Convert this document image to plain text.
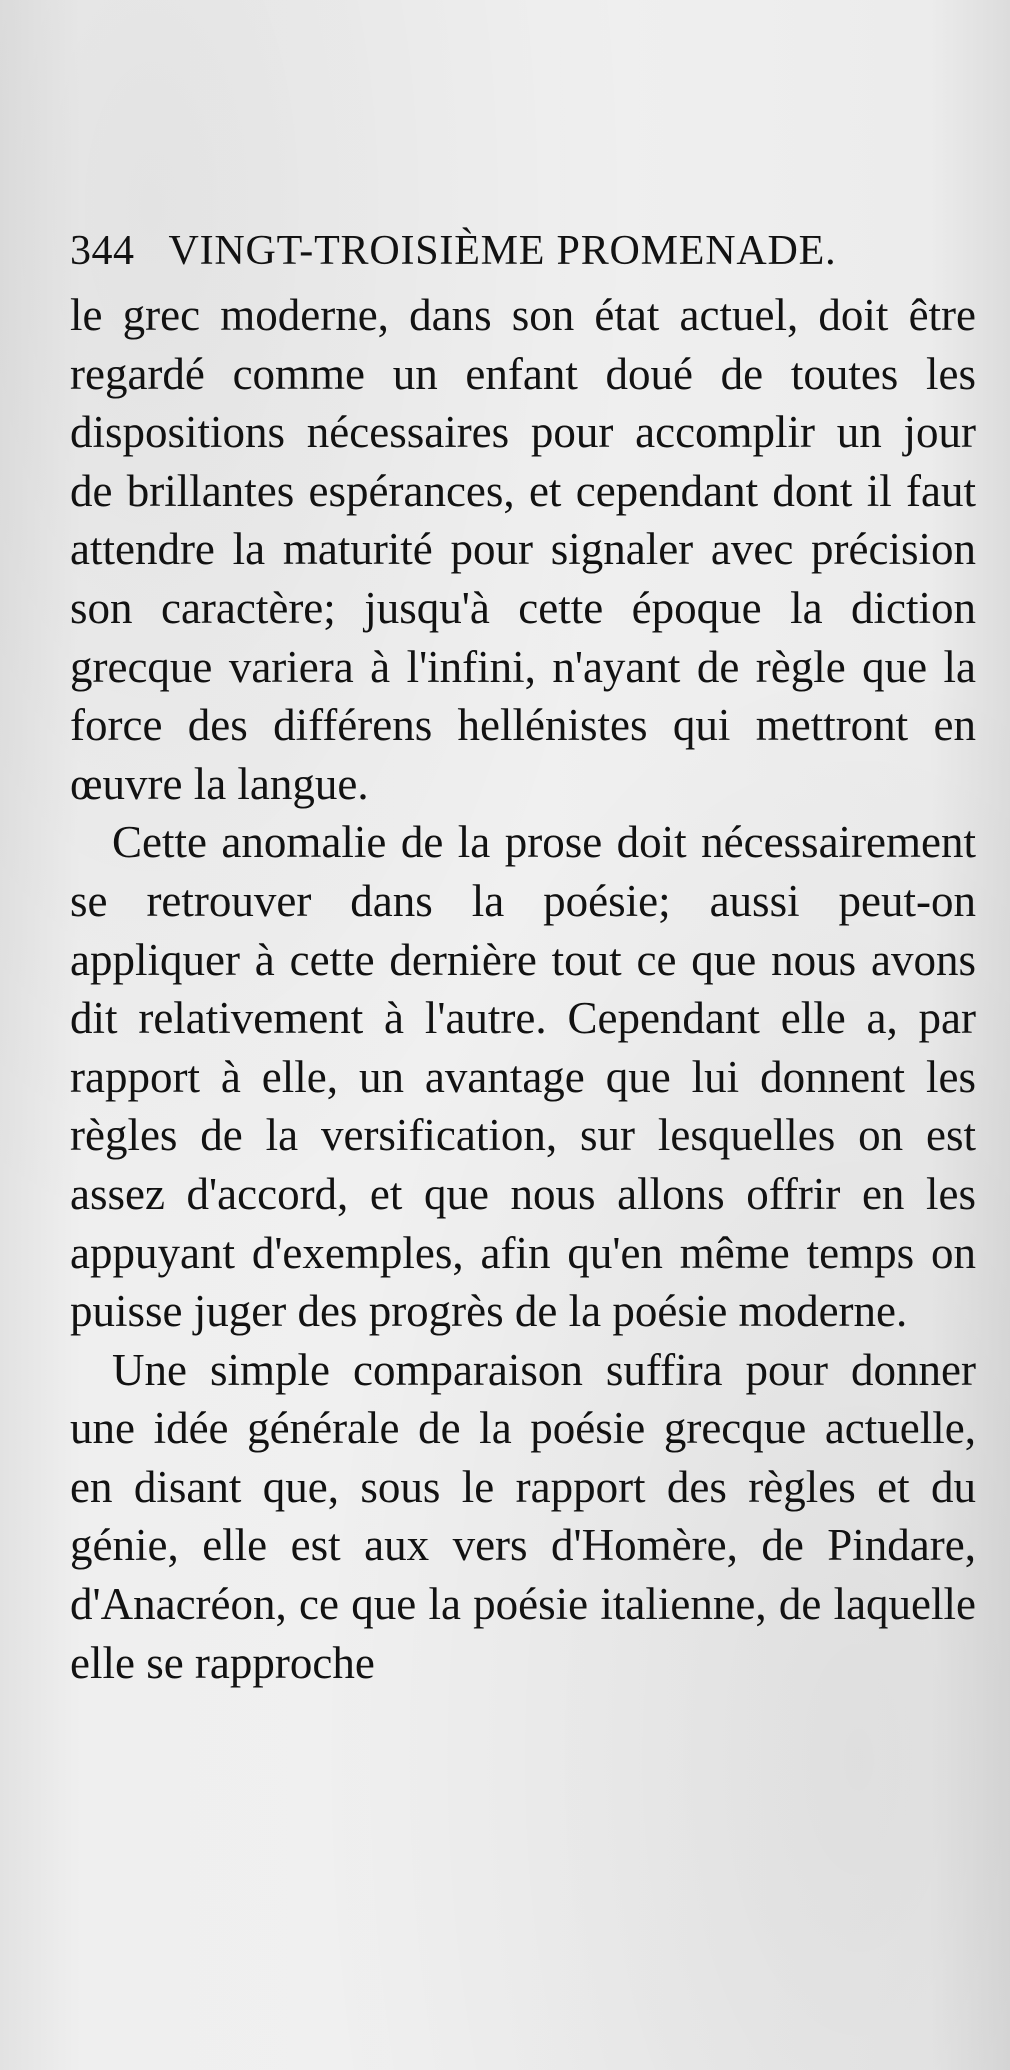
344 VINGT-TROISIÈME PROMENADE.

le grec moderne, dans son état actuel, doit être regardé comme un enfant doué de toutes les dispositions nécessaires pour accomplir un jour de brillantes espérances, et cependant dont il faut attendre la maturité pour signaler avec précision son caractère; jusqu'à cette époque la diction grecque variera à l'infini, n'ayant de règle que la force des différens hellénistes qui mettront en œuvre la langue.

Cette anomalie de la prose doit nécessairement se retrouver dans la poésie; aussi peut-on appliquer à cette dernière tout ce que nous avons dit relativement à l'autre. Cependant elle a, par rapport à elle, un avantage que lui donnent les règles de la versification, sur lesquelles on est assez d'accord, et que nous allons offrir en les appuyant d'exemples, afin qu'en même temps on puisse juger des progrès de la poésie moderne.

Une simple comparaison suffira pour donner une idée générale de la poésie grecque actuelle, en disant que, sous le rapport des règles et du génie, elle est aux vers d'Homère, de Pindare, d'Anacréon, ce que la poésie italienne, de laquelle elle se rapproche
